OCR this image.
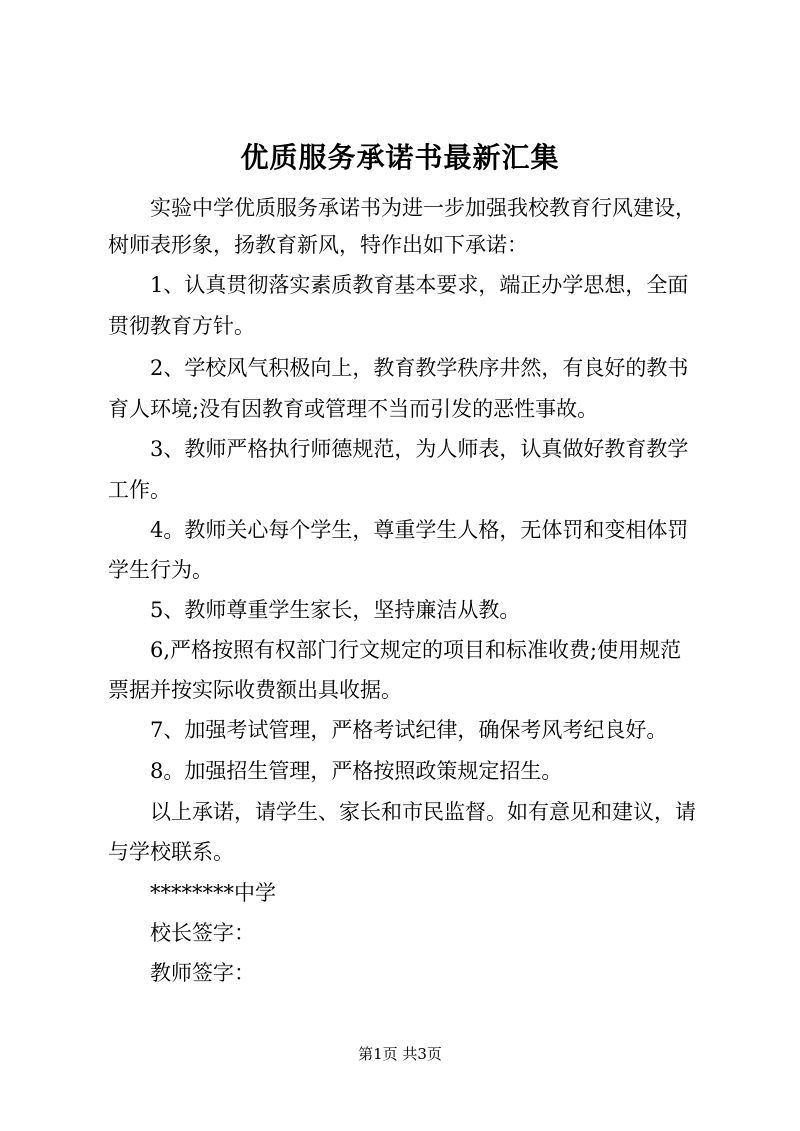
优质服务承诺书最新汇集
实验中学优质服务承诺书为进一步加强我校教育行风建设，
树师表形象，扬教育新风，特作出如下承诺：
1、认真贯彻落实素质教育基本要求，端正办学思想，全面
贯彻教育方针。
2、学校风气积极向上，教育教学秩序井然，有良好的教书
育人环境;没有因教育或管理不当而引发的恶性事故。
3、教师严格执行师德规范，为人师表，认真做好教育教学
工作。
4。教师关心每个学生，尊重学生人格，无体罚和变相体罚
学生行为。
5、教师尊重学生家长，坚持廉洁从教。
6,严格按照有权部门行文规定的项目和标准收费;使用规范
票据并按实际收费额出具收据。
7、加强考试管理，严格考试纪律，确保考风考纪良好。
8。加强招生管理，严格按照政策规定招生。
以上承诺，请学生、家长和市民监督。如有意见和建议，请
与学校联系。
********中学
校长签字：
教师签字：
第1页 共3页
